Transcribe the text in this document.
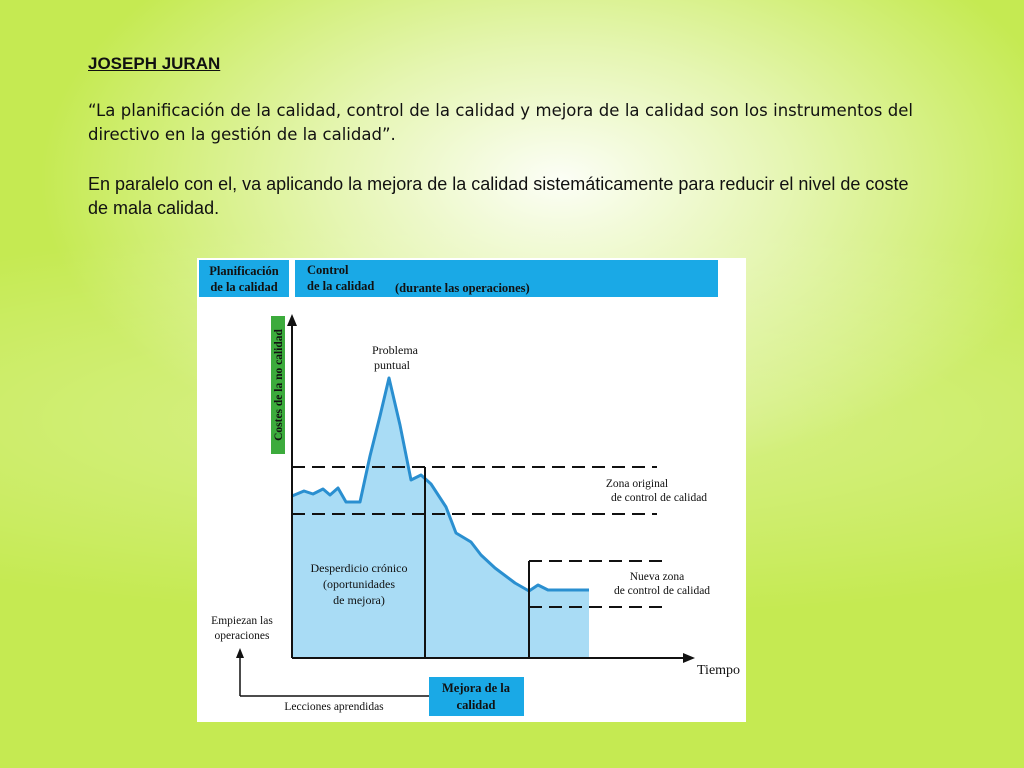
JOSEPH JURAN
“La planificación de la calidad, control de la calidad y mejora de la calidad son los instrumentos del directivo en la gestión de la calidad”.
En paralelo con el, va aplicando la mejora de la calidad sistemáticamente para reducir el nivel de coste de mala calidad.
Planificación
de la calidad
Control
de la calidad (durante las operaciones)
Costes de la no calidad
Tiempo
Problema
puntual
Zona original
de control de calidad
Nueva zona
de control de calidad
Desperdicio crónico
(oportunidades
de mejora)
Empiezan las
operaciones
Lecciones aprendidas
Mejora de la
calidad
